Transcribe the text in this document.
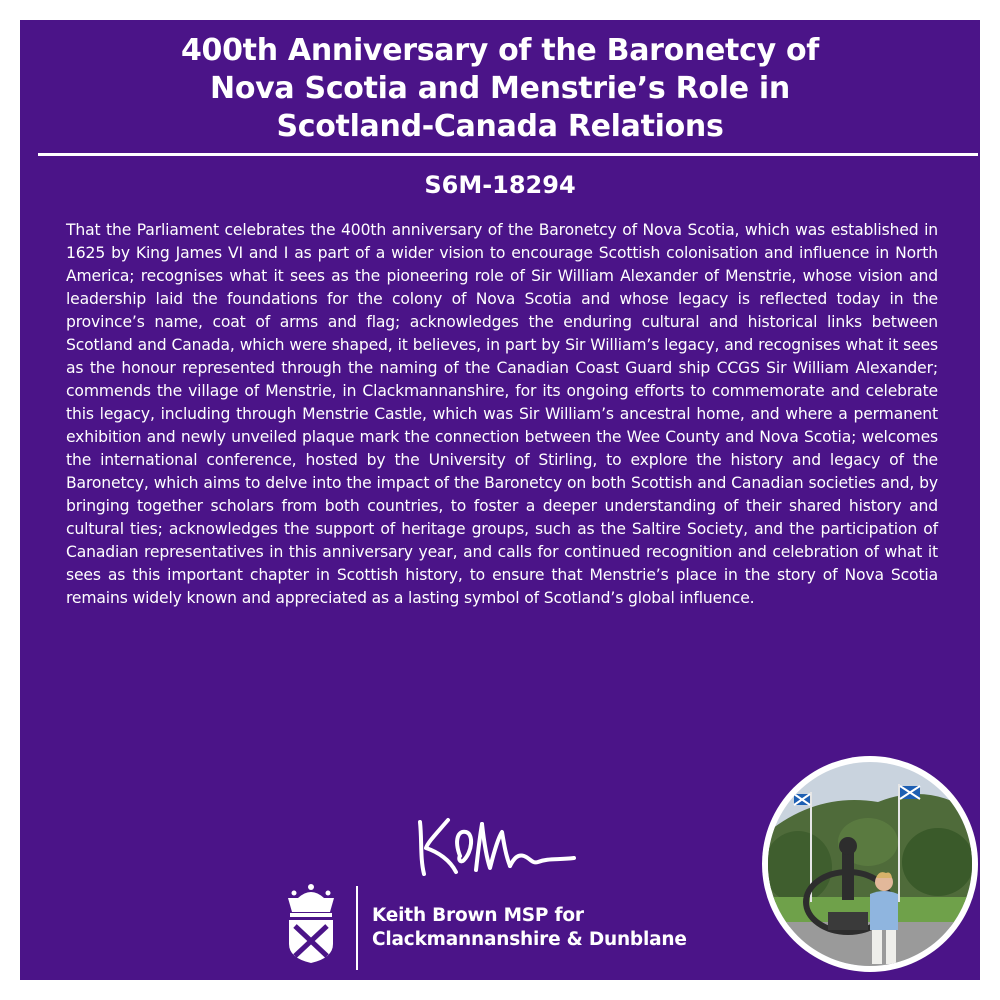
400th Anniversary of the Baronetcy of
Nova Scotia and Menstrie’s Role in
Scotland-Canada Relations
S6M-18294

That the Parliament celebrates the 400th anniversary of the Baronetcy of Nova Scotia, which was established in 1625 by King James VI and I as part of a wider vision to encourage Scottish colonisation and influence in North America; recognises what it sees as the pioneering role of Sir William Alexander of Menstrie, whose vision and leadership laid the foundations for the colony of Nova Scotia and whose legacy is reflected today in the province’s name, coat of arms and flag; acknowledges the enduring cultural and historical links between Scotland and Canada, which were shaped, it believes, in part by Sir William’s legacy, and recognises what it sees as the honour represented through the naming of the Canadian Coast Guard ship CCGS Sir William Alexander; commends the village of Menstrie, in Clackmannanshire, for its ongoing efforts to commemorate and celebrate this legacy, including through Menstrie Castle, which was Sir William’s ancestral home, and where a permanent exhibition and newly unveiled plaque mark the connection between the Wee County and Nova Scotia; welcomes the international conference, hosted by the University of Stirling, to explore the history and legacy of the Baronetcy, which aims to delve into the impact of the Baronetcy on both Scottish and Canadian societies and, by bringing together scholars from both countries, to foster a deeper understanding of their shared history and cultural ties; acknowledges the support of heritage groups, such as the Saltire Society, and the participation of Canadian representatives in this anniversary year, and calls for continued recognition and celebration of what it sees as this important chapter in Scottish history, to ensure that Menstrie’s place in the story of Nova Scotia remains widely known and appreciated as a lasting symbol of Scotland’s global influence.

Keith Brown MSP for
Clackmannanshire & Dunblane
